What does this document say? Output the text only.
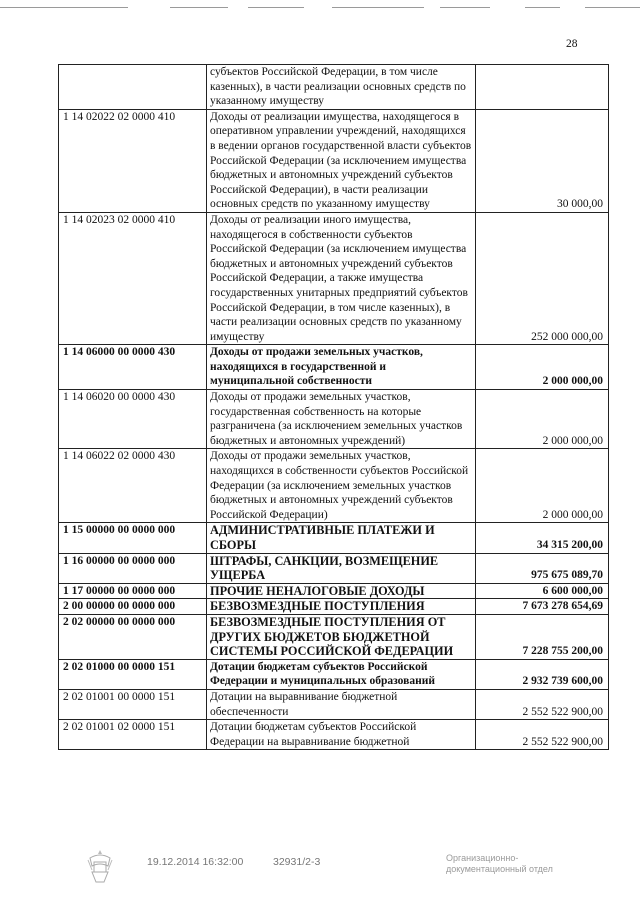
28
	субъектов Российской Федерации, в том числе казенных), в части реализации основных средств по указанному имуществу	
1 14 02022 02 0000 410	Доходы от реализации имущества, находящегося в оперативном управлении учреждений, находящихся в ведении органов государственной власти субъектов Российской Федерации (за исключением имущества бюджетных и автономных учреждений субъектов Российской Федерации), в части реализации основных средств по указанному имуществу	30 000,00
1 14 02023 02 0000 410	Доходы от реализации иного имущества, находящегося в собственности субъектов Российской Федерации (за исключением имущества бюджетных и автономных учреждений субъектов Российской Федерации, а также имущества государственных унитарных предприятий субъектов Российской Федерации, в том числе казенных), в части реализации основных средств по указанному имуществу	252 000 000,00
1 14 06000 00 0000 430	Доходы от продажи земельных участков, находящихся в государственной и муниципальной собственности	2 000 000,00
1 14 06020 00 0000 430	Доходы от продажи земельных участков, государственная собственность на которые разграничена (за исключением земельных участков бюджетных и автономных учреждений)	2 000 000,00
1 14 06022 02 0000 430	Доходы от продажи земельных участков, находящихся в собственности субъектов Российской Федерации (за исключением земельных участков бюджетных и автономных учреждений субъектов Российской Федерации)	2 000 000,00
1 15 00000 00 0000 000	АДМИНИСТРАТИВНЫЕ ПЛАТЕЖИ И СБОРЫ	34 315 200,00
1 16 00000 00 0000 000	ШТРАФЫ, САНКЦИИ, ВОЗМЕЩЕНИЕ УЩЕРБА	975 675 089,70
1 17 00000 00 0000 000	ПРОЧИЕ НЕНАЛОГОВЫЕ ДОХОДЫ	6 600 000,00
2 00 00000 00 0000 000	БЕЗВОЗМЕЗДНЫЕ ПОСТУПЛЕНИЯ	7 673 278 654,69
2 02 00000 00 0000 000	БЕЗВОЗМЕЗДНЫЕ ПОСТУПЛЕНИЯ ОТ ДРУГИХ БЮДЖЕТОВ БЮДЖЕТНОЙ СИСТЕМЫ РОССИЙСКОЙ ФЕДЕРАЦИИ	7 228 755 200,00
2 02 01000 00 0000 151	Дотации бюджетам субъектов Российской Федерации и муниципальных образований	2 932 739 600,00
2 02 01001 00 0000 151	Дотации на выравнивание бюджетной обеспеченности	2 552 522 900,00
2 02 01001 02 0000 151	Дотации бюджетам субъектов Российской Федерации на выравнивание бюджетной	2 552 522 900,00
19.12.2014 16:32:00	32931/2-3	Организационно-
документационный отдел
